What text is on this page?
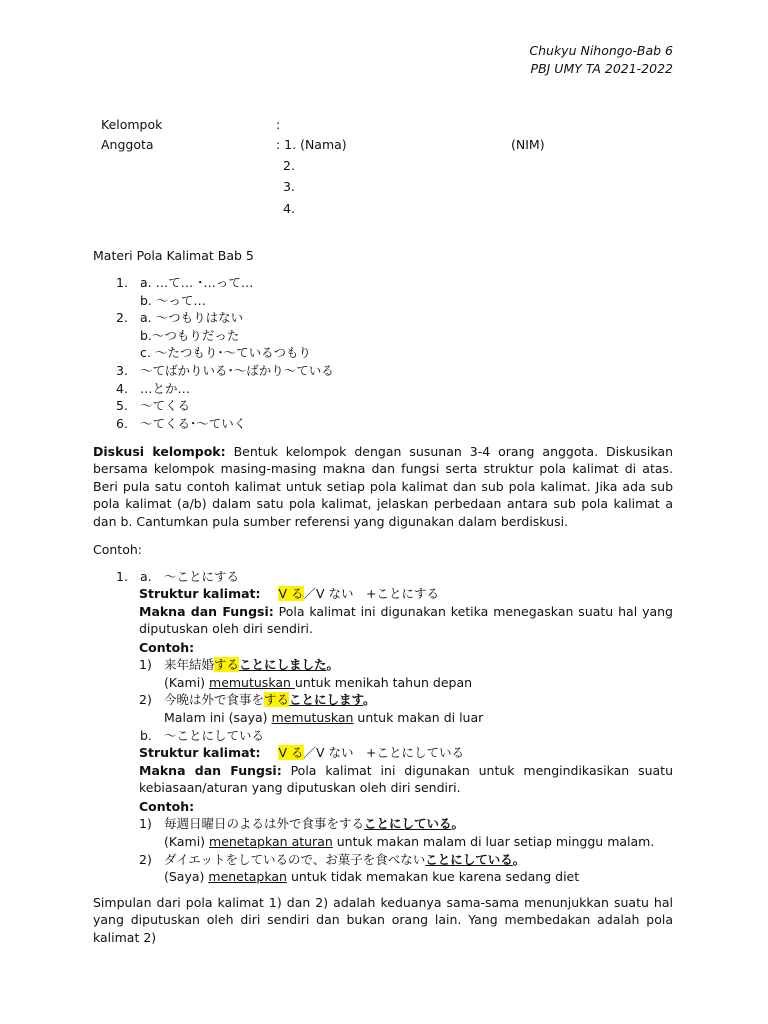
Chukyu Nihongo-Bab 6
PBJ UMY TA 2021-2022
Kelompok	:
Anggota	: 1. (Nama)	(NIM)
2.
3.
4.
Materi Pola Kalimat Bab 5
1. a. …て… ･…って…
b. ～って…
2. a. ～つもりはない
b.～つもりだった
c. ～たつもり･～ているつもり
3. ～てばかりいる･～ばかり～ている
4. …とか…
5. ～てくる
6. ～てくる･～ていく
Diskusi kelompok: Bentuk kelompok dengan susunan 3-4 orang anggota. Diskusikan bersama kelompok masing-masing makna dan fungsi serta struktur pola kalimat di atas. Beri pula satu contoh kalimat untuk setiap pola kalimat dan sub pola kalimat. Jika ada sub pola kalimat (a/b) dalam satu pola kalimat, jelaskan perbedaan antara sub pola kalimat a dan b. Cantumkan pula sumber referensi yang digunakan dalam berdiskusi.
Contoh:
1. a. ～ことにする
Struktur kalimat: V る／V ない　+ことにする
Makna dan Fungsi: Pola kalimat ini digunakan ketika menegaskan suatu hal yang diputuskan oleh diri sendiri.
Contoh:
1) 来年結婚することにしました。
(Kami) memutuskan untuk menikah tahun depan
2) 今晩は外で食事をすることにします。
Malam ini (saya) memutuskan untuk makan di luar
b. ～ことにしている
Struktur kalimat: V る／V ない　+ことにしている
Makna dan Fungsi: Pola kalimat ini digunakan untuk mengindikasikan suatu kebiasaan/aturan yang diputuskan oleh diri sendiri.
Contoh:
1) 毎週日曜日のよるは外で食事をすることにしている。
(Kami) menetapkan aturan untuk makan malam di luar setiap minggu malam.
2) ダイエットをしているので、お菓子を食べないことにしている。
(Saya) menetapkan untuk tidak memakan kue karena sedang diet
Simpulan dari pola kalimat 1) dan 2) adalah keduanya sama-sama menunjukkan suatu hal yang diputuskan oleh diri sendiri dan bukan orang lain. Yang membedakan adalah pola kalimat 2)
